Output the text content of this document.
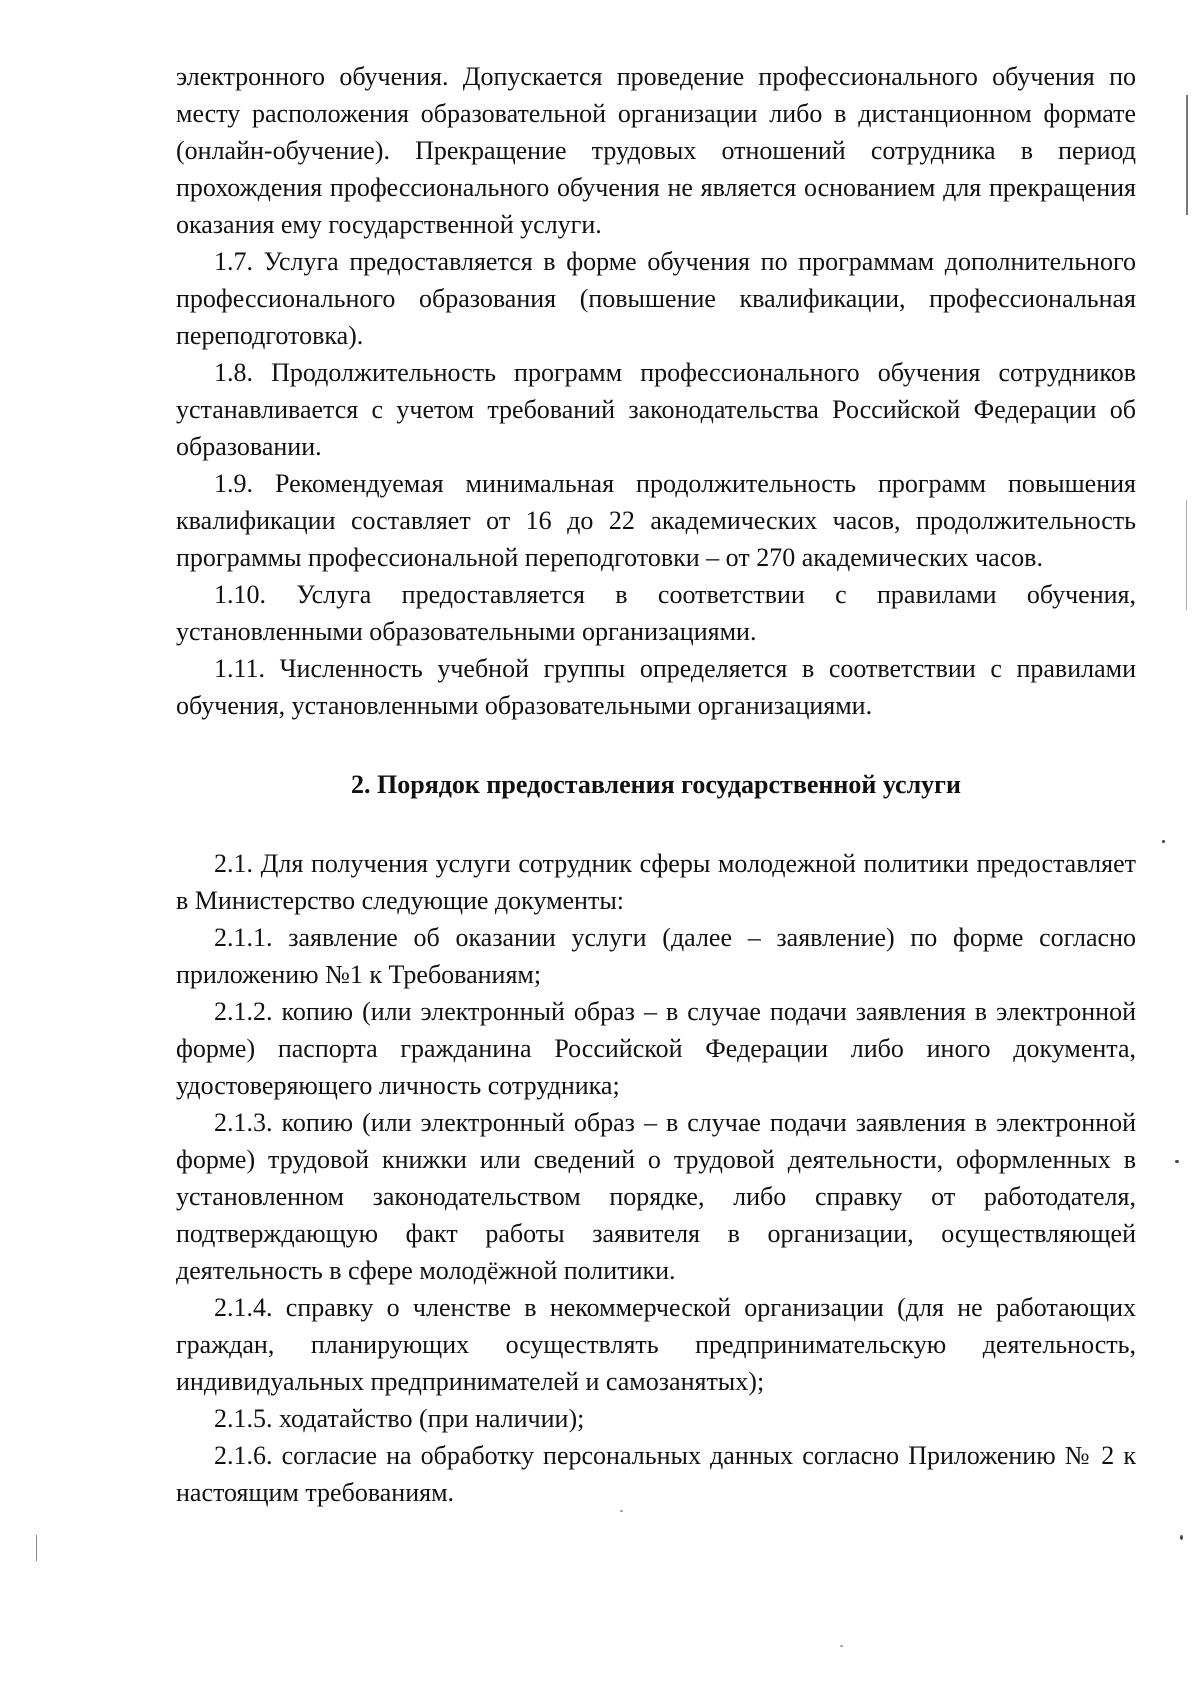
электронного обучения. Допускается проведение профессионального обучения по месту расположения образовательной организации либо в дистанционном формате (онлайн-обучение). Прекращение трудовых отношений сотрудника в период прохождения профессионального обучения не является основанием для прекращения оказания ему государственной услуги.

1.7. Услуга предоставляется в форме обучения по программам дополнительного профессионального образования (повышение квалификации, профессиональная переподготовка).

1.8. Продолжительность программ профессионального обучения сотрудников устанавливается с учетом требований законодательства Российской Федерации об образовании.

1.9. Рекомендуемая минимальная продолжительность программ повышения квалификации составляет от 16 до 22 академических часов, продолжительность программы профессиональной переподготовки – от 270 академических часов.

1.10. Услуга предоставляется в соответствии с правилами обучения, установленными образовательными организациями.

1.11. Численность учебной группы определяется в соответствии с правилами обучения, установленными образовательными организациями.

2. Порядок предоставления государственной услуги

2.1. Для получения услуги сотрудник сферы молодежной политики предоставляет в Министерство следующие документы:

2.1.1. заявление об оказании услуги (далее – заявление) по форме согласно приложению №1 к Требованиям;

2.1.2. копию (или электронный образ – в случае подачи заявления в электронной форме) паспорта гражданина Российской Федерации либо иного документа, удостоверяющего личность сотрудника;

2.1.3. копию (или электронный образ – в случае подачи заявления в электронной форме) трудовой книжки или сведений о трудовой деятельности, оформленных в установленном законодательством порядке, либо справку от работодателя, подтверждающую факт работы заявителя в организации, осуществляющей деятельность в сфере молодёжной политики.

2.1.4. справку о членстве в некоммерческой организации (для не работающих граждан, планирующих осуществлять предпринимательскую деятельность, индивидуальных предпринимателей и самозанятых);

2.1.5. ходатайство (при наличии);

2.1.6. согласие на обработку персональных данных согласно Приложению № 2 к настоящим требованиям.
